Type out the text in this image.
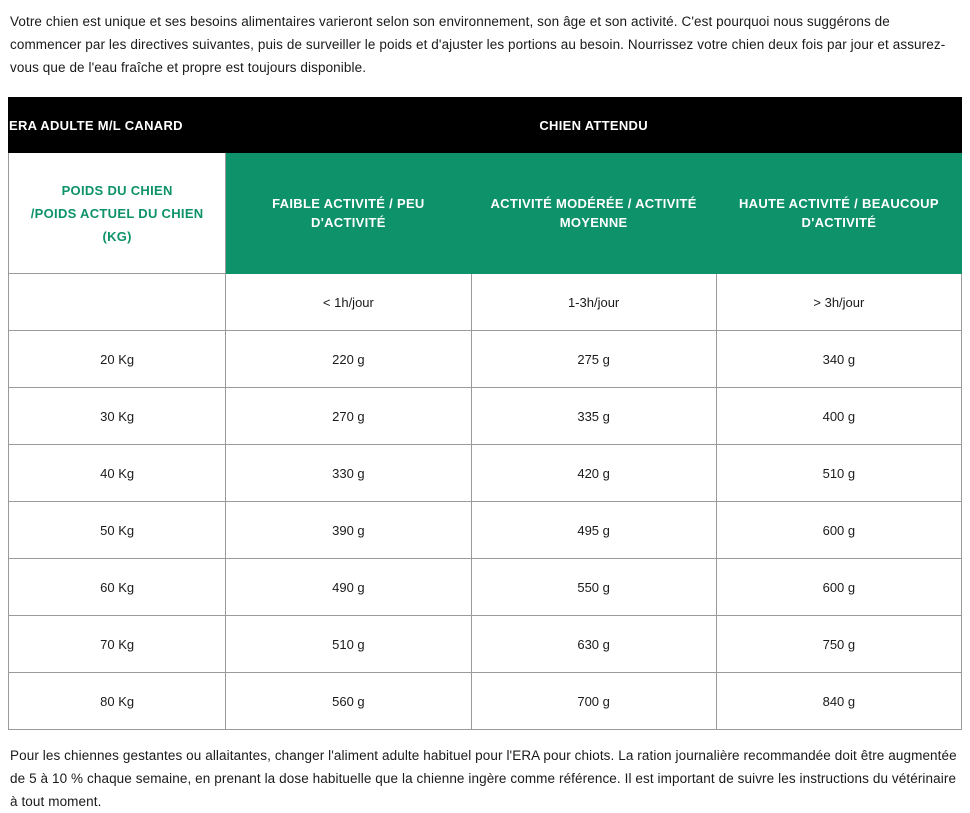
Votre chien est unique et ses besoins alimentaires varieront selon son environnement, son âge et son activité. C'est pourquoi nous suggérons de commencer par les directives suivantes, puis de surveiller le poids et d'ajuster les portions au besoin. Nourrissez votre chien deux fois par jour et assurez-vous que de l'eau fraîche et propre est toujours disponible.
ERA ADULTE M/L CANARD	CHIEN ATTENDU		

POIDS DU CHIEN
/POIDS ACTUEL DU CHIEN
(KG)	FAIBLE ACTIVITÉ / PEU D'ACTIVITÉ	ACTIVITÉ MODÉRÉE / ACTIVITÉ MOYENNE	HAUTE ACTIVITÉ / BEAUCOUP D'ACTIVITÉ
	< 1h/jour	1-3h/jour	> 3h/jour
20 Kg	220 g	275 g	340 g
30 Kg	270 g	335 g	400 g
40 Kg	330 g	420 g	510 g
50 Kg	390 g	495 g	600 g
60 Kg	490 g	550 g	600 g
70 Kg	510 g	630 g	750 g
80 Kg	560 g	700 g	840 g
Pour les chiennes gestantes ou allaitantes, changer l'aliment adulte habituel pour l'ERA pour chiots. La ration journalière recommandée doit être augmentée de 5 à 10 % chaque semaine, en prenant la dose habituelle que la chienne ingère comme référence. Il est important de suivre les instructions du vétérinaire à tout moment.
